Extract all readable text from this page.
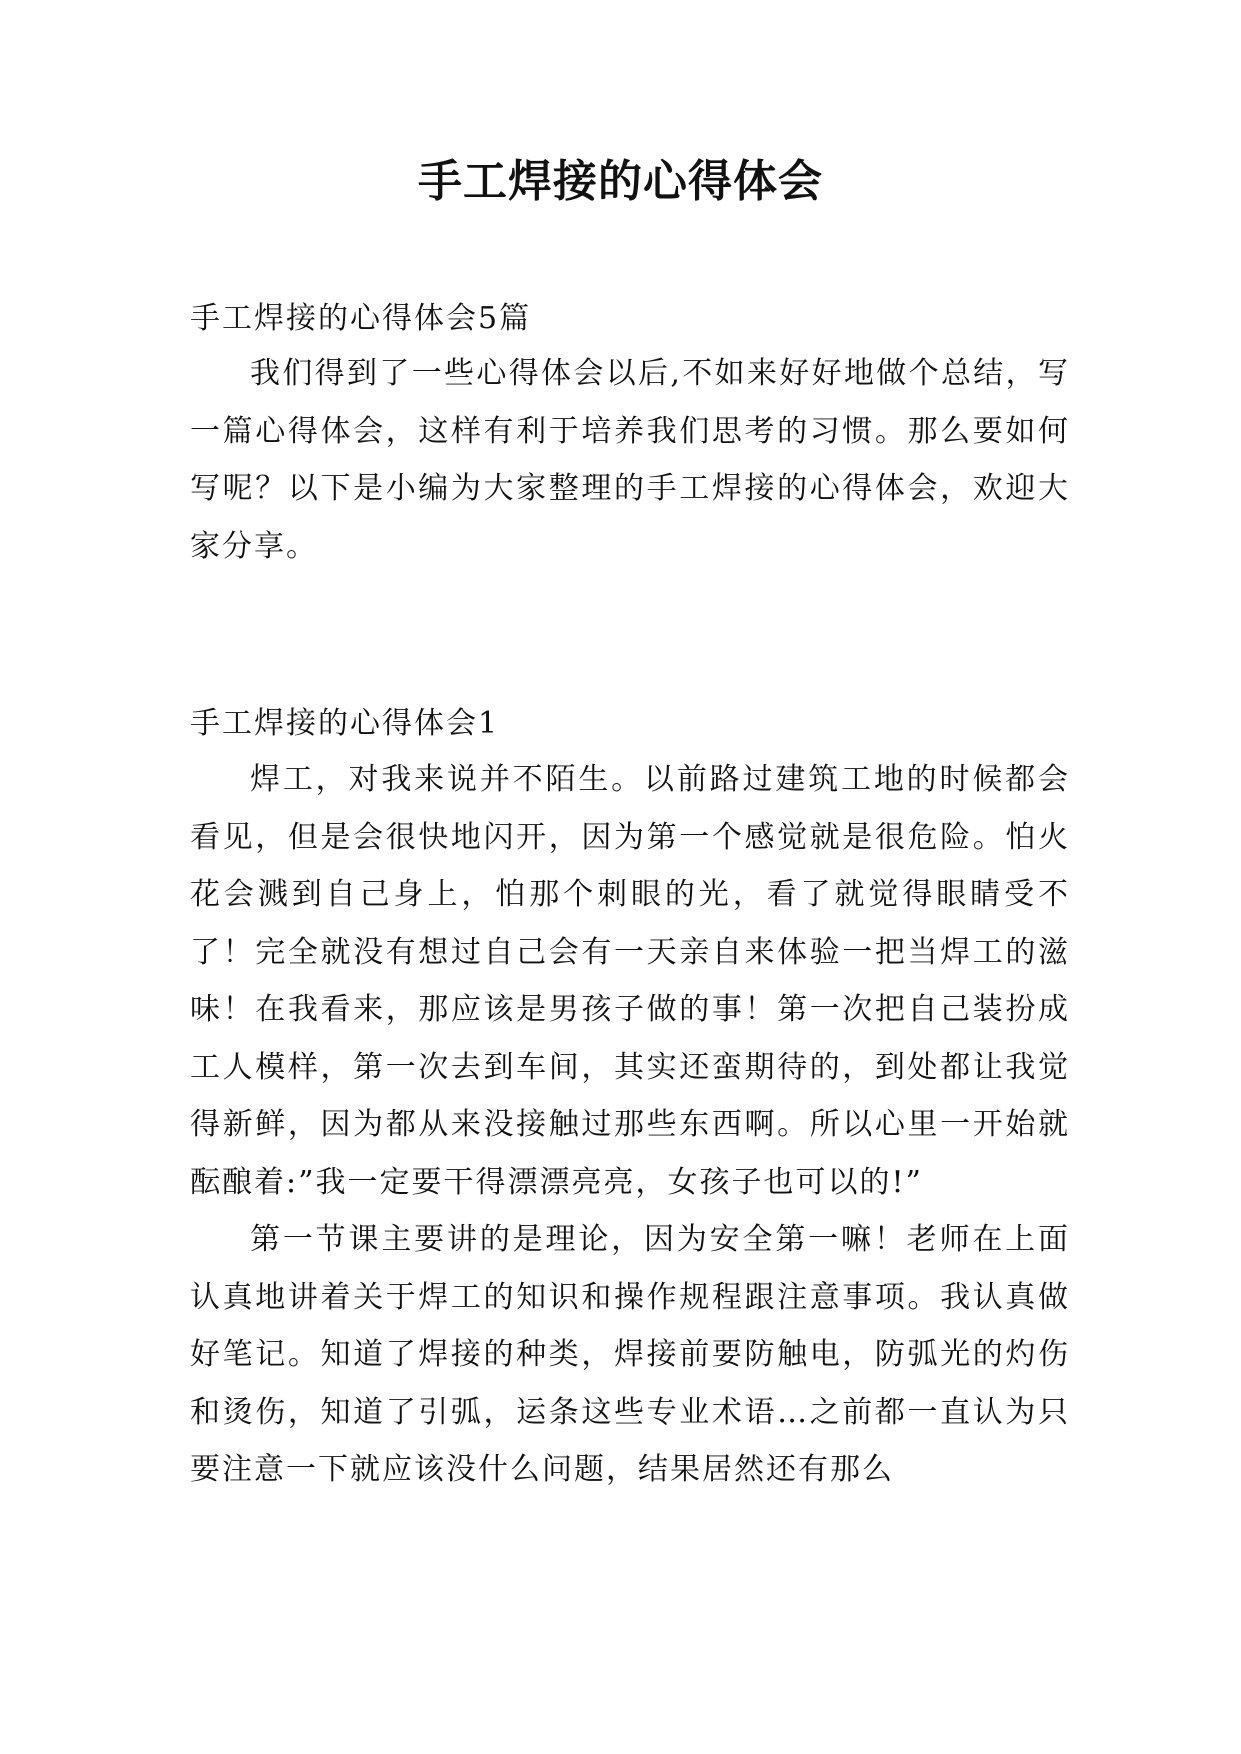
手工焊接的心得体会
手工焊接的心得体会5篇

我们得到了一些心得体会以后,不如来好好地做个总结，写一篇心得体会，这样有利于培养我们思考的习惯。那么要如何写呢？以下是小编为大家整理的手工焊接的心得体会，欢迎大家分享。

手工焊接的心得体会1

焊工，对我来说并不陌生。以前路过建筑工地的时候都会看见，但是会很快地闪开，因为第一个感觉就是很危险。怕火花会溅到自己身上，怕那个刺眼的光，看了就觉得眼睛受不了！完全就没有想过自己会有一天亲自来体验一把当焊工的滋味！在我看来，那应该是男孩子做的事！第一次把自己装扮成工人模样，第一次去到车间，其实还蛮期待的，到处都让我觉得新鲜，因为都从来没接触过那些东西啊。所以心里一开始就酝酿着:”我一定要干得漂漂亮亮，女孩子也可以的!”

第一节课主要讲的是理论，因为安全第一嘛！老师在上面认真地讲着关于焊工的知识和操作规程跟注意事项。我认真做好笔记。知道了焊接的种类，焊接前要防触电，防弧光的灼伤和烫伤，知道了引弧，运条这些专业术语…之前都一直认为只要注意一下就应该没什么问题，结果居然还有那么
